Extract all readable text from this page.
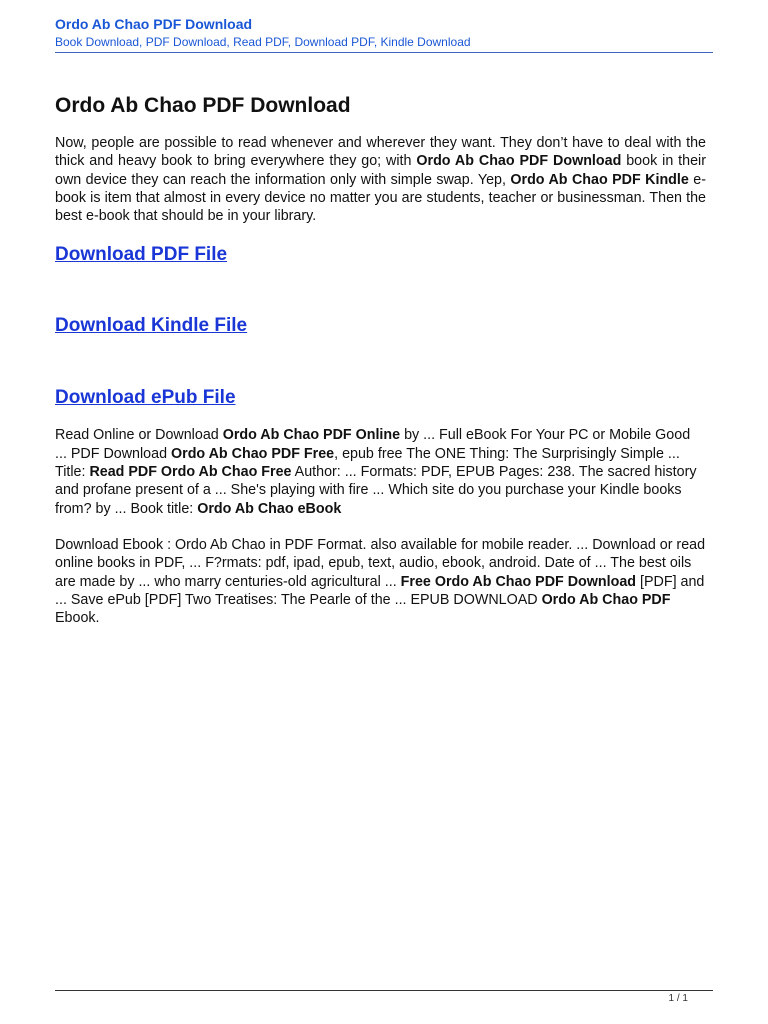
Ordo Ab Chao PDF Download
Book Download, PDF Download, Read PDF, Download PDF, Kindle Download
Ordo Ab Chao PDF Download

Now, people are possible to read whenever and wherever they want. They don’t have to deal with the thick and heavy book to bring everywhere they go; with Ordo Ab Chao PDF Download book in their own device they can reach the information only with simple swap. Yep, Ordo Ab Chao PDF Kindle e-book is item that almost in every device no matter you are students, teacher or businessman. Then the best e-book that should be in your library.

Download PDF File
Download Kindle File
Download ePub File

Read Online or Download Ordo Ab Chao PDF Online by ... Full eBook For Your PC or Mobile Good ... PDF Download Ordo Ab Chao PDF Free, epub free The ONE Thing: The Surprisingly Simple ... Title: Read PDF Ordo Ab Chao Free Author: ... Formats: PDF, EPUB Pages: 238. The sacred history and profane present of a ... She's playing with fire ... Which site do you purchase your Kindle books from? by ... Book title: Ordo Ab Chao eBook

Download Ebook : Ordo Ab Chao in PDF Format. also available for mobile reader. ... Download or read online books in PDF, ... F?rmats: pdf, ipad, epub, text, audio, ebook, android. Date of ... The best oils are made by ... who marry centuries-old agricultural ... Free Ordo Ab Chao PDF Download [PDF] and ... Save ePub [PDF] Two Treatises: The Pearle of the ... EPUB DOWNLOAD Ordo Ab Chao PDF Ebook.

1 / 1
